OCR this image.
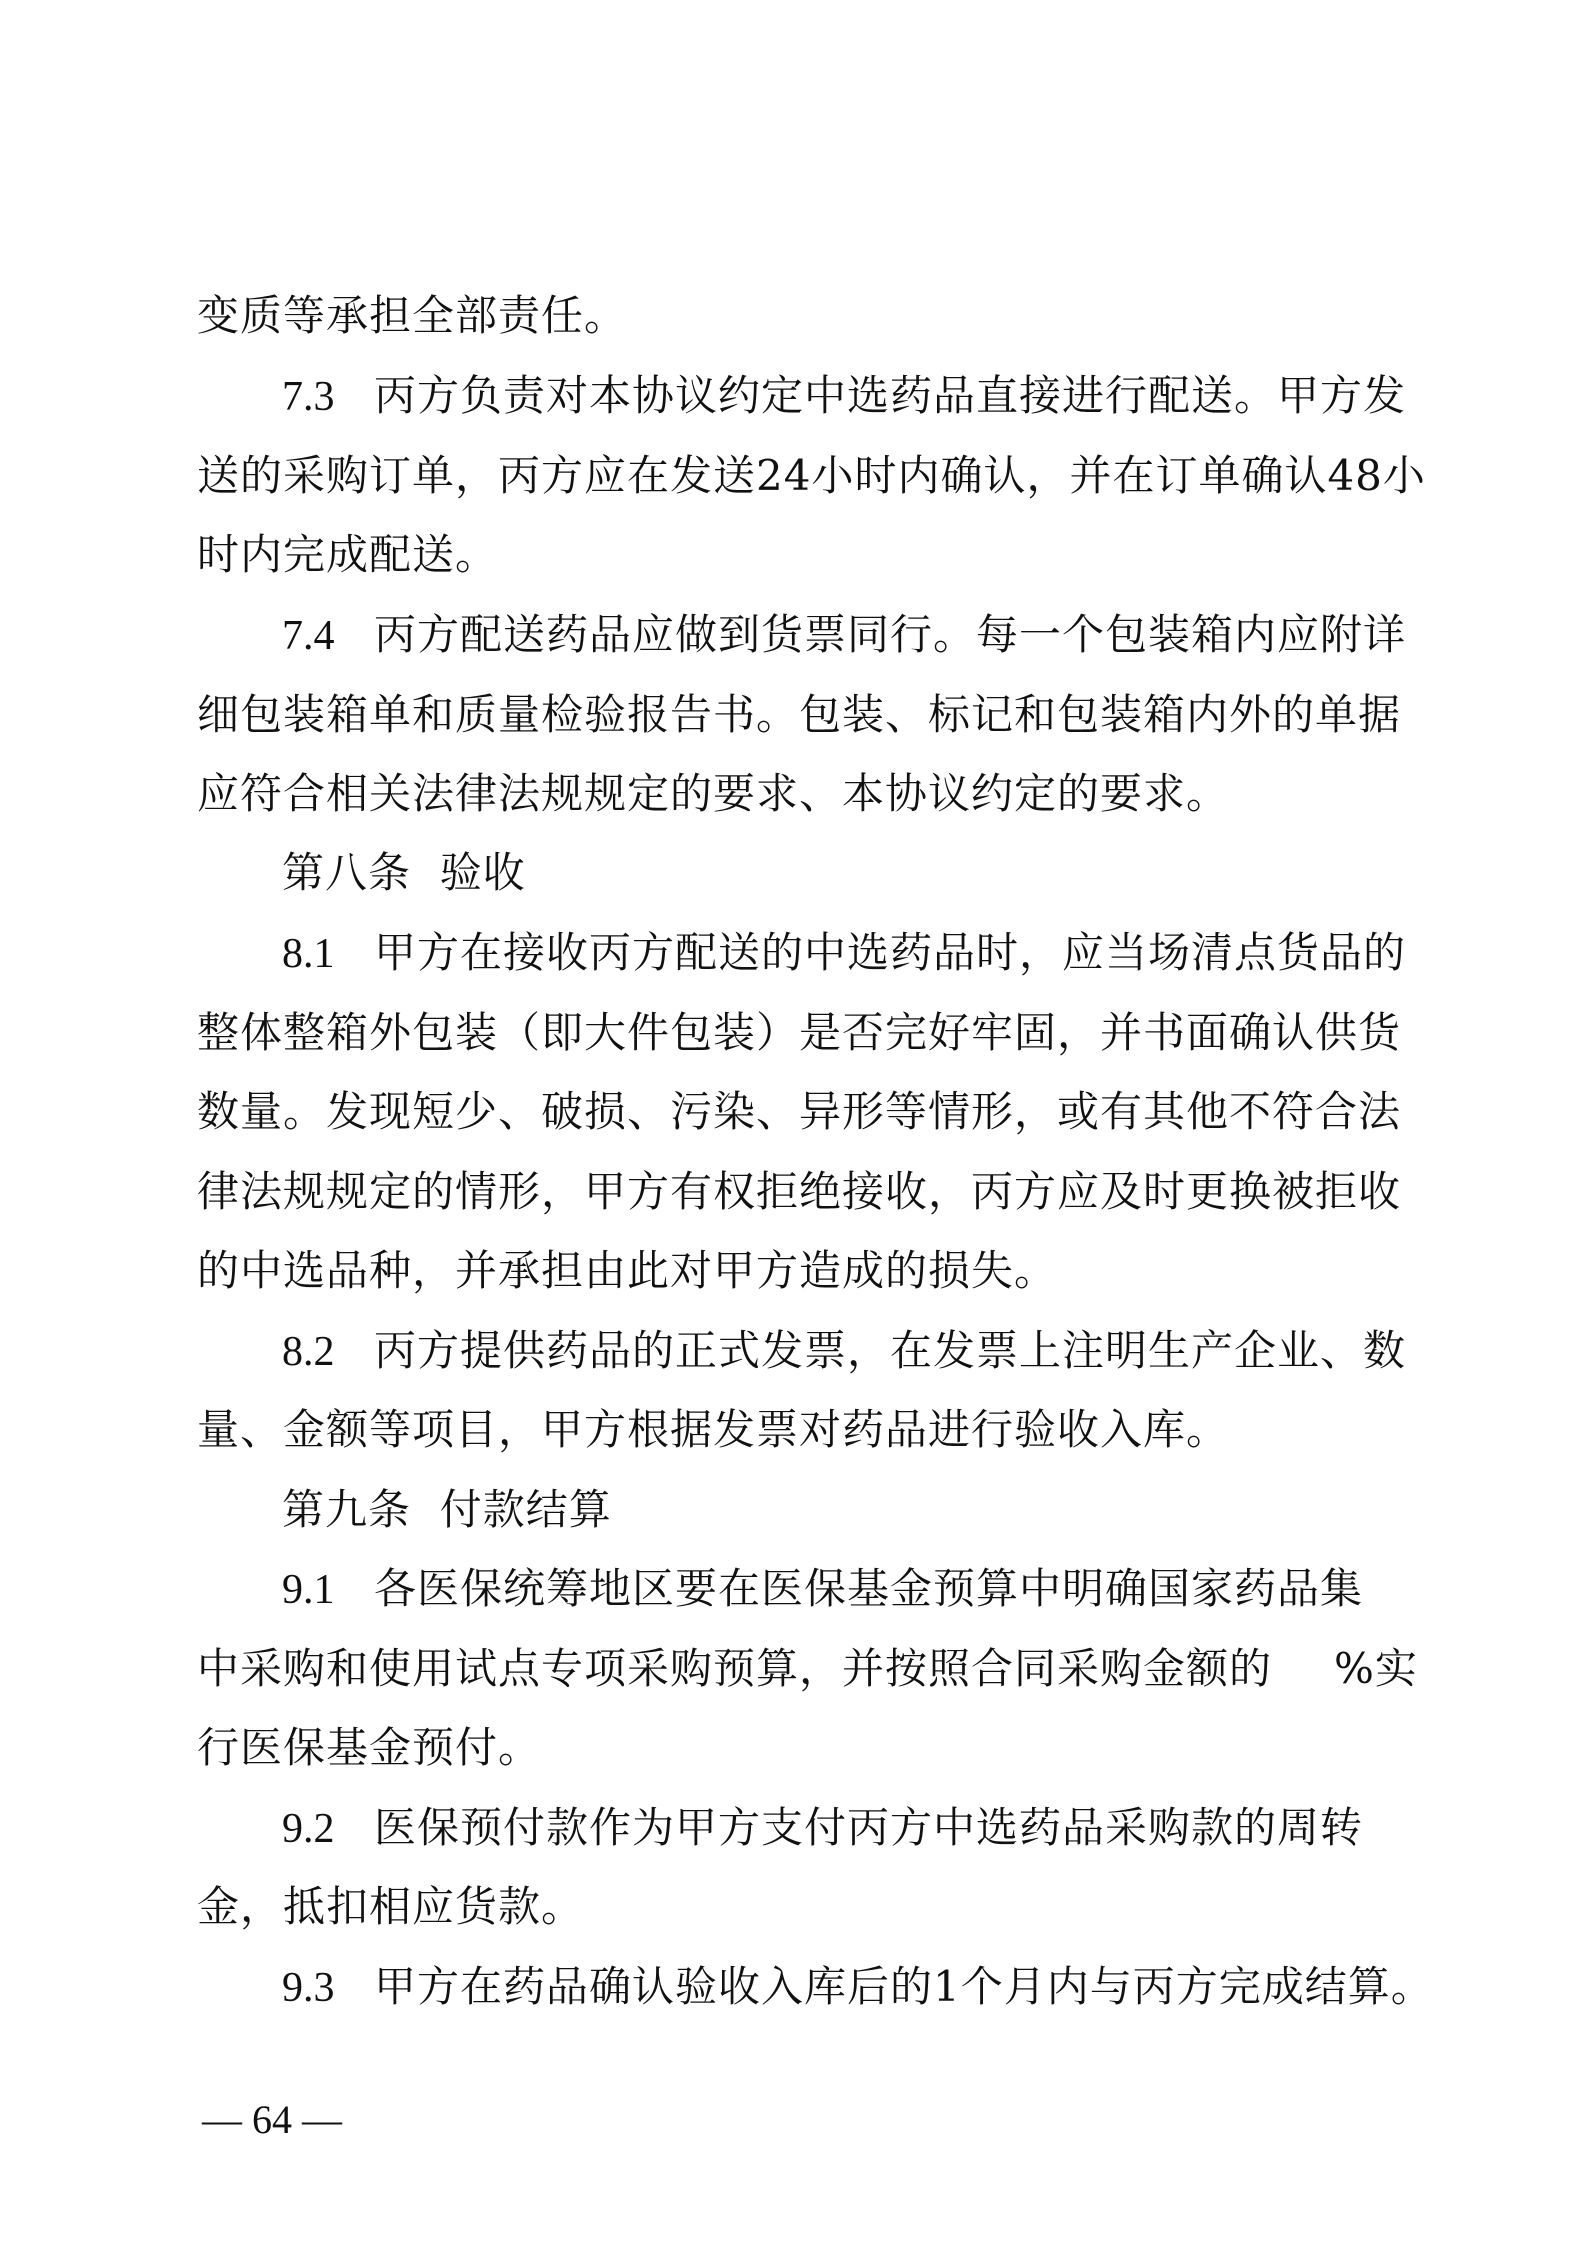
变质等承担全部责任。
7.3 丙方负责对本协议约定中选药品直接进行配送。甲方发
送的采购订单，丙方应在发送24小时内确认，并在订单确认48小
时内完成配送。
7.4 丙方配送药品应做到货票同行。每一个包装箱内应附详
细包装箱单和质量检验报告书。包装、标记和包装箱内外的单据
应符合相关法律法规规定的要求、本协议约定的要求。
第八条  验收
8.1 甲方在接收丙方配送的中选药品时，应当场清点货品的
整体整箱外包装（即大件包装）是否完好牢固，并书面确认供货
数量。发现短少、破损、污染、异形等情形，或有其他不符合法
律法规规定的情形，甲方有权拒绝接收，丙方应及时更换被拒收
的中选品种，并承担由此对甲方造成的损失。
8.2 丙方提供药品的正式发票，在发票上注明生产企业、数
量、金额等项目，甲方根据发票对药品进行验收入库。
第九条  付款结算
9.1 各医保统筹地区要在医保基金预算中明确国家药品集
中采购和使用试点专项采购预算，并按照合同采购金额的 %实
行医保基金预付。
9.2 医保预付款作为甲方支付丙方中选药品采购款的周转
金，抵扣相应货款。
9.3 甲方在药品确认验收入库后的1个月内与丙方完成结算。
— 64 —
